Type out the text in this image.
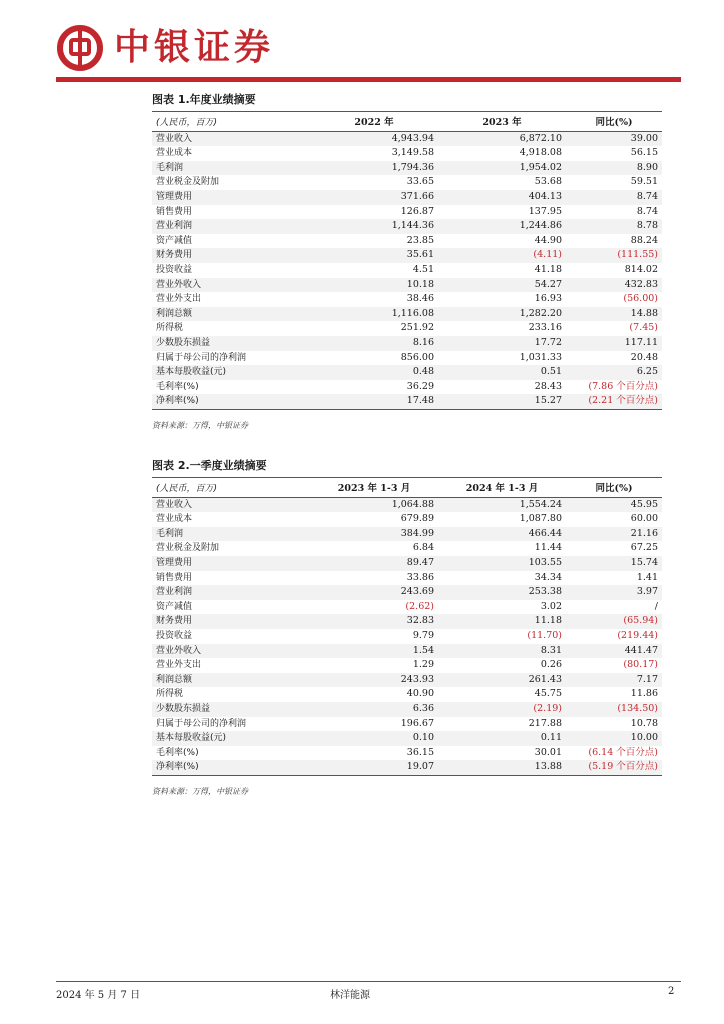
中银证券
图表 1.年度业绩摘要
(人民币，百万)	2022 年	2023 年	同比(%)
营业收入	4,943.94	6,872.10	39.00
营业成本	3,149.58	4,918.08	56.15
毛利润	1,794.36	1,954.02	8.90
营业税金及附加	33.65	53.68	59.51
管理费用	371.66	404.13	8.74
销售费用	126.87	137.95	8.74
营业利润	1,144.36	1,244.86	8.78
资产减值	23.85	44.90	88.24
财务费用	35.61	(4.11)	(111.55)
投资收益	4.51	41.18	814.02
营业外收入	10.18	54.27	432.83
营业外支出	38.46	16.93	(56.00)
利润总额	1,116.08	1,282.20	14.88
所得税	251.92	233.16	(7.45)
少数股东损益	8.16	17.72	117.11
归属于母公司的净利润	856.00	1,031.33	20.48
基本每股收益(元)	0.48	0.51	6.25
毛利率(%)	36.29	28.43	(7.86 个百分点)
净利率(%)	17.48	15.27	(2.21 个百分点)
资料来源：万得，中银证券
图表 2.一季度业绩摘要
(人民币，百万)	2023 年 1-3 月	2024 年 1-3 月	同比(%)
营业收入	1,064.88	1,554.24	45.95
营业成本	679.89	1,087.80	60.00
毛利润	384.99	466.44	21.16
营业税金及附加	6.84	11.44	67.25
管理费用	89.47	103.55	15.74
销售费用	33.86	34.34	1.41
营业利润	243.69	253.38	3.97
资产减值	(2.62)	3.02	/
财务费用	32.83	11.18	(65.94)
投资收益	9.79	(11.70)	(219.44)
营业外收入	1.54	8.31	441.47
营业外支出	1.29	0.26	(80.17)
利润总额	243.93	261.43	7.17
所得税	40.90	45.75	11.86
少数股东损益	6.36	(2.19)	(134.50)
归属于母公司的净利润	196.67	217.88	10.78
基本每股收益(元)	0.10	0.11	10.00
毛利率(%)	36.15	30.01	(6.14 个百分点)
净利率(%)	19.07	13.88	(5.19 个百分点)
资料来源：万得，中银证券
2024 年 5 月 7 日	林洋能源	2
